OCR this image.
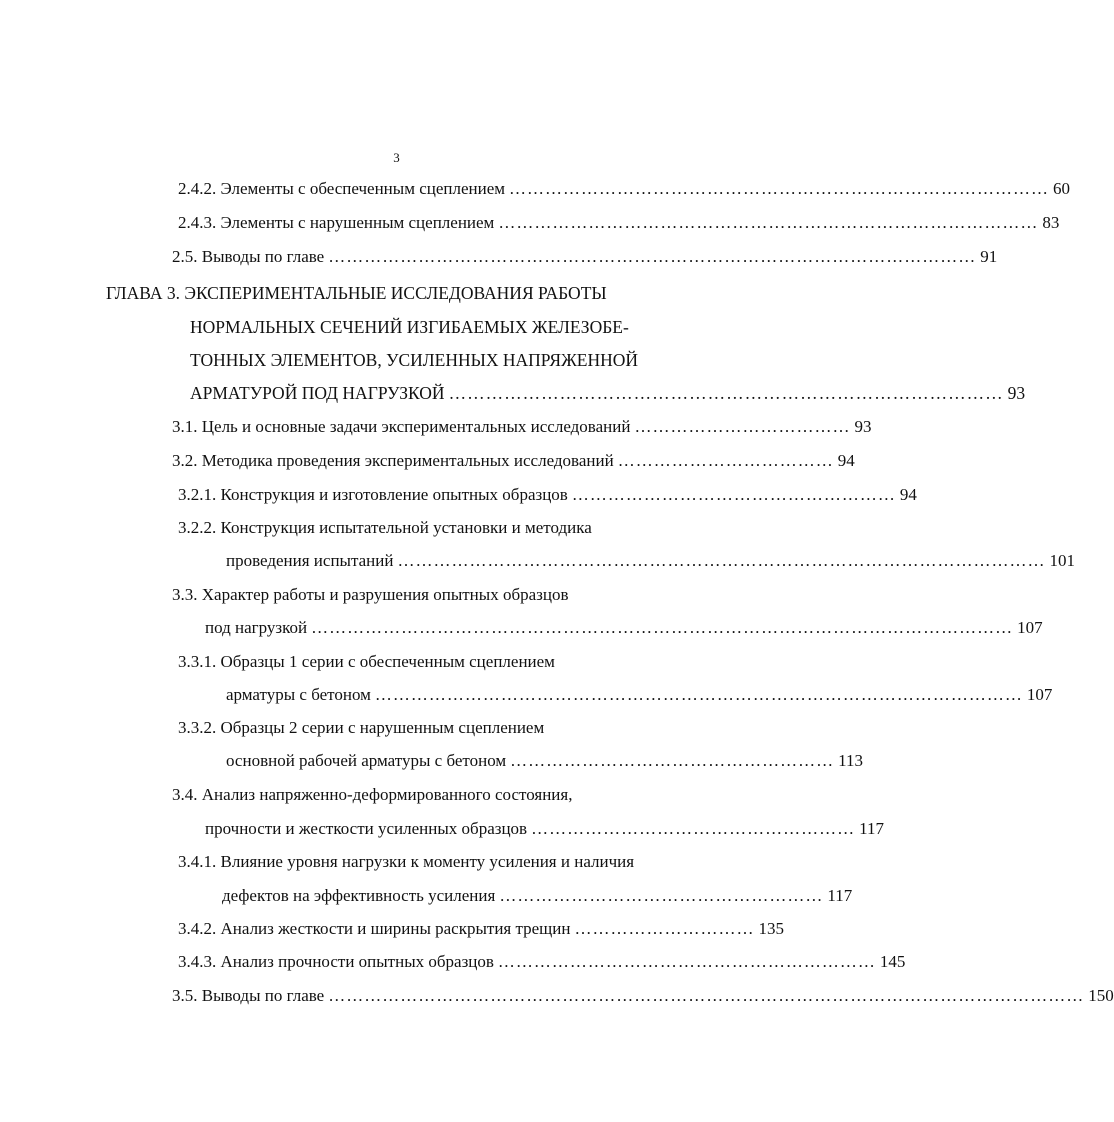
3
2.4.2. Элементы с обеспеченным сцеплением ……………………………………………………………………………… 60
2.4.3. Элементы с нарушенным сцеплением ……………………………………………………………………………… 83
2.5. Выводы по главе ……………………………………………………………………………………………… 91
ГЛАВА 3. ЭКСПЕРИМЕНТАЛЬНЫЕ ИССЛЕДОВАНИЯ РАБОТЫ
НОРМАЛЬНЫХ СЕЧЕНИЙ ИЗГИБАЕМЫХ ЖЕЛЕЗОБЕ-
ТОННЫХ ЭЛЕМЕНТОВ, УСИЛЕННЫХ НАПРЯЖЕННОЙ
АРМАТУРОЙ ПОД НАГРУЗКОЙ ……………………………………………………………………………… 93
3.1. Цель и основные задачи экспериментальных исследований ……………………………… 93
3.2. Методика проведения экспериментальных исследований ……………………………… 94
3.2.1. Конструкция и изготовление опытных образцов ……………………………………………… 94
3.2.2. Конструкция испытательной установки и методика
проведения испытаний ……………………………………………………………………………………………… 101
3.3. Характер работы и разрушения опытных образцов
под нагрузкой ……………………………………………………………………………………………………… 107
3.3.1. Образцы 1 серии с обеспеченным сцеплением
арматуры с бетоном ……………………………………………………………………………………………… 107
3.3.2. Образцы 2 серии с нарушенным сцеплением
основной рабочей арматуры с бетоном ……………………………………………… 113
3.4. Анализ напряженно-деформированного состояния,
прочности и жесткости усиленных образцов ……………………………………………… 117
3.4.1. Влияние уровня нагрузки к моменту усиления и наличия
дефектов на эффективность усиления ……………………………………………… 117
3.4.2. Анализ жесткости и ширины раскрытия трещин ………………………… 135
3.4.3. Анализ прочности опытных образцов ……………………………………………………… 145
3.5. Выводы по главе ……………………………………………………………………………………………………………… 150
